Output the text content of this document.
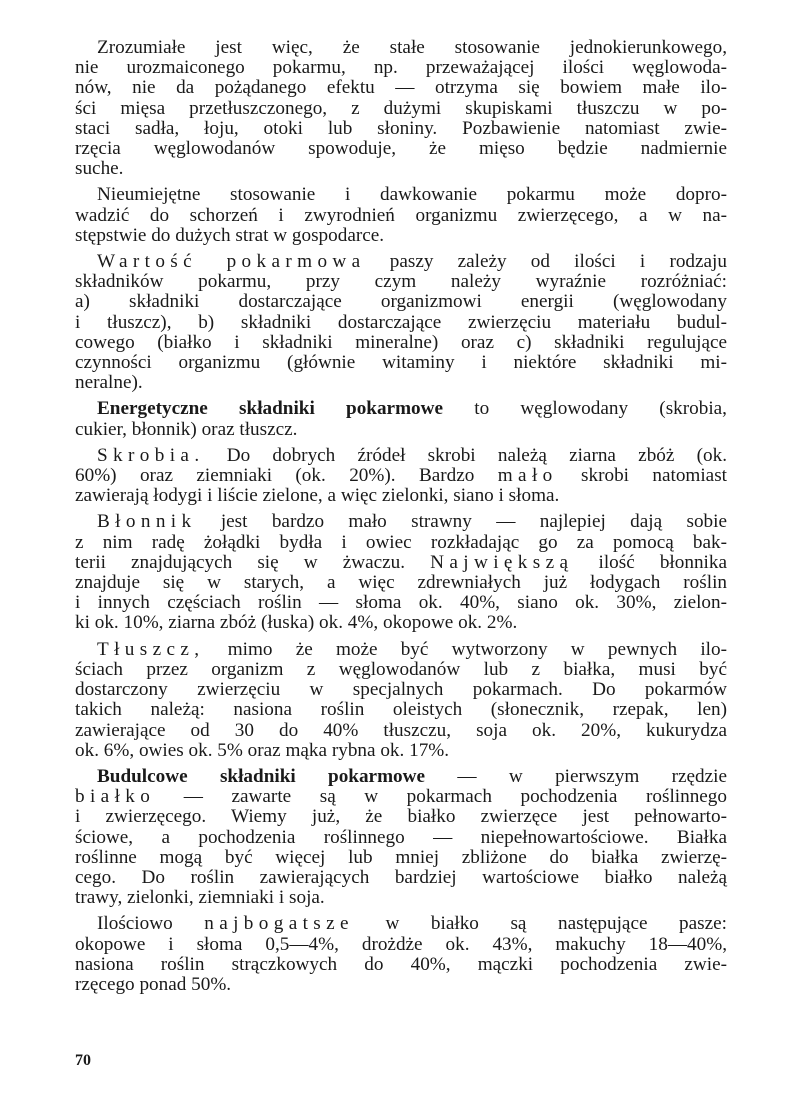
Zrozumiałe jest więc, że stałe stosowanie jednokierunkowego,
nie urozmaiconego pokarmu, np. przeważającej ilości węglowoda-
nów, nie da pożądanego efektu — otrzyma się bowiem małe ilo-
ści mięsa przetłuszczonego, z dużymi skupiskami tłuszczu w po-
staci sadła, łoju, otoki lub słoniny. Pozbawienie natomiast zwie-
rzęcia węglowodanów spowoduje, że mięso będzie nadmiernie
suche.

Nieumiejętne stosowanie i dawkowanie pokarmu może dopro-
wadzić do schorzeń i zwyrodnień organizmu zwierzęcego, a w na-
stępstwie do dużych strat w gospodarce.

Wartość pokarmowa paszy zależy od ilości i rodzaju
składników pokarmu, przy czym należy wyraźnie rozróżniać:
a) składniki dostarczające organizmowi energii (węglowodany
i tłuszcz), b) składniki dostarczające zwierzęciu materiału budul-
cowego (białko i składniki mineralne) oraz c) składniki regulujące
czynności organizmu (głównie witaminy i niektóre składniki mi-
neralne).

Energetyczne składniki pokarmowe to węglowodany (skrobia,
cukier, błonnik) oraz tłuszcz.

Skrobia. Do dobrych źródeł skrobi należą ziarna zbóż (ok.
60%) oraz ziemniaki (ok. 20%). Bardzo mało skrobi natomiast
zawierają łodygi i liście zielone, a więc zielonki, siano i słoma.

Błonnik jest bardzo mało strawny — najlepiej dają sobie
z nim radę żołądki bydła i owiec rozkładając go za pomocą bak-
terii znajdujących się w żwaczu. Największą ilość błonnika
znajduje się w starych, a więc zdrewniałych już łodygach roślin
i innych częściach roślin — słoma ok. 40%, siano ok. 30%, zielon-
ki ok. 10%, ziarna zbóż (łuska) ok. 4%, okopowe ok. 2%.

Tłuszcz, mimo że może być wytworzony w pewnych ilo-
ściach przez organizm z węglowodanów lub z białka, musi być
dostarczony zwierzęciu w specjalnych pokarmach. Do pokarmów
takich należą: nasiona roślin oleistych (słonecznik, rzepak, len)
zawierające od 30 do 40% tłuszczu, soja ok. 20%, kukurydza
ok. 6%, owies ok. 5% oraz mąka rybna ok. 17%.

Budulcowe składniki pokarmowe — w pierwszym rzędzie
białko — zawarte są w pokarmach pochodzenia roślinnego
i zwierzęcego. Wiemy już, że białko zwierzęce jest pełnowarto-
ściowe, a pochodzenia roślinnego — niepełnowartościowe. Białka
roślinne mogą być więcej lub mniej zbliżone do białka zwierzę-
cego. Do roślin zawierających bardziej wartościowe białko należą
trawy, zielonki, ziemniaki i soja.

Ilościowo najbogatsze w białko są następujące pasze:
okopowe i słoma 0,5—4%, drożdże ok. 43%, makuchy 18—40%,
nasiona roślin strączkowych do 40%, mączki pochodzenia zwie-
rzęcego ponad 50%.

70
